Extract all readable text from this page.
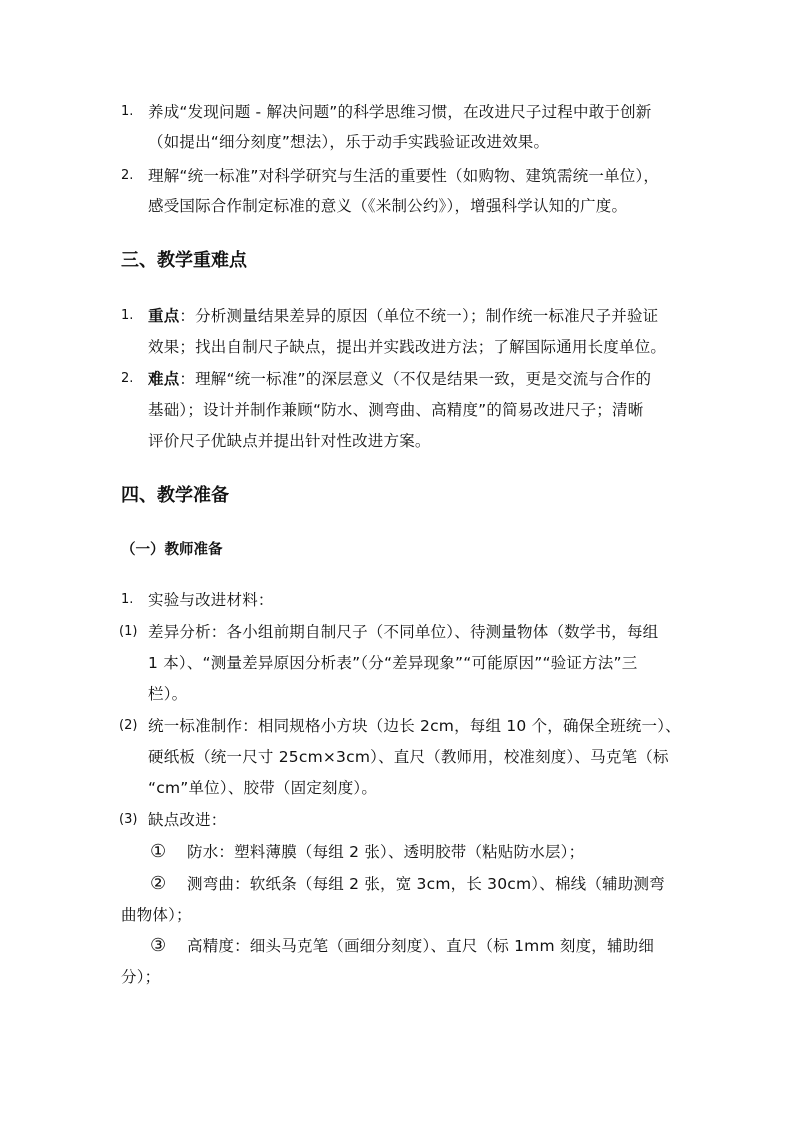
1. 养成“发现问题 - 解决问题”的科学思维习惯，在改进尺子过程中敢于创新
（如提出“细分刻度”想法），乐于动手实践验证改进效果。
2. 理解“统一标准”对科学研究与生活的重要性（如购物、建筑需统一单位），
感受国际合作制定标准的意义（《米制公约》），增强科学认知的广度。
三、教学重难点
1. 重点：分析测量结果差异的原因（单位不统一）；制作统一标准尺子并验证
效果；找出自制尺子缺点，提出并实践改进方法；了解国际通用长度单位。
2. 难点：理解“统一标准”的深层意义（不仅是结果一致，更是交流与合作的
基础）；设计并制作兼顾“防水、测弯曲、高精度”的简易改进尺子；清晰
评价尺子优缺点并提出针对性改进方案。
四、教学准备
（一）教师准备
1. 实验与改进材料：
(1) 差异分析：各小组前期自制尺子（不同单位）、待测量物体（数学书，每组
1 本）、“测量差异原因分析表”（分“差异现象”“可能原因”“验证方法”三
栏）。
(2) 统一标准制作：相同规格小方块（边长 2cm，每组 10 个，确保全班统一）、
硬纸板（统一尺寸 25cm×3cm）、直尺（教师用，校准刻度）、马克笔（标
“cm”单位）、胶带（固定刻度）。
(3) 缺点改进：
① 防水：塑料薄膜（每组 2 张）、透明胶带（粘贴防水层）；
② 测弯曲：软纸条（每组 2 张，宽 3cm，长 30cm）、棉线（辅助测弯
曲物体）；
③ 高精度：细头马克笔（画细分刻度）、直尺（标 1mm 刻度，辅助细
分）；
